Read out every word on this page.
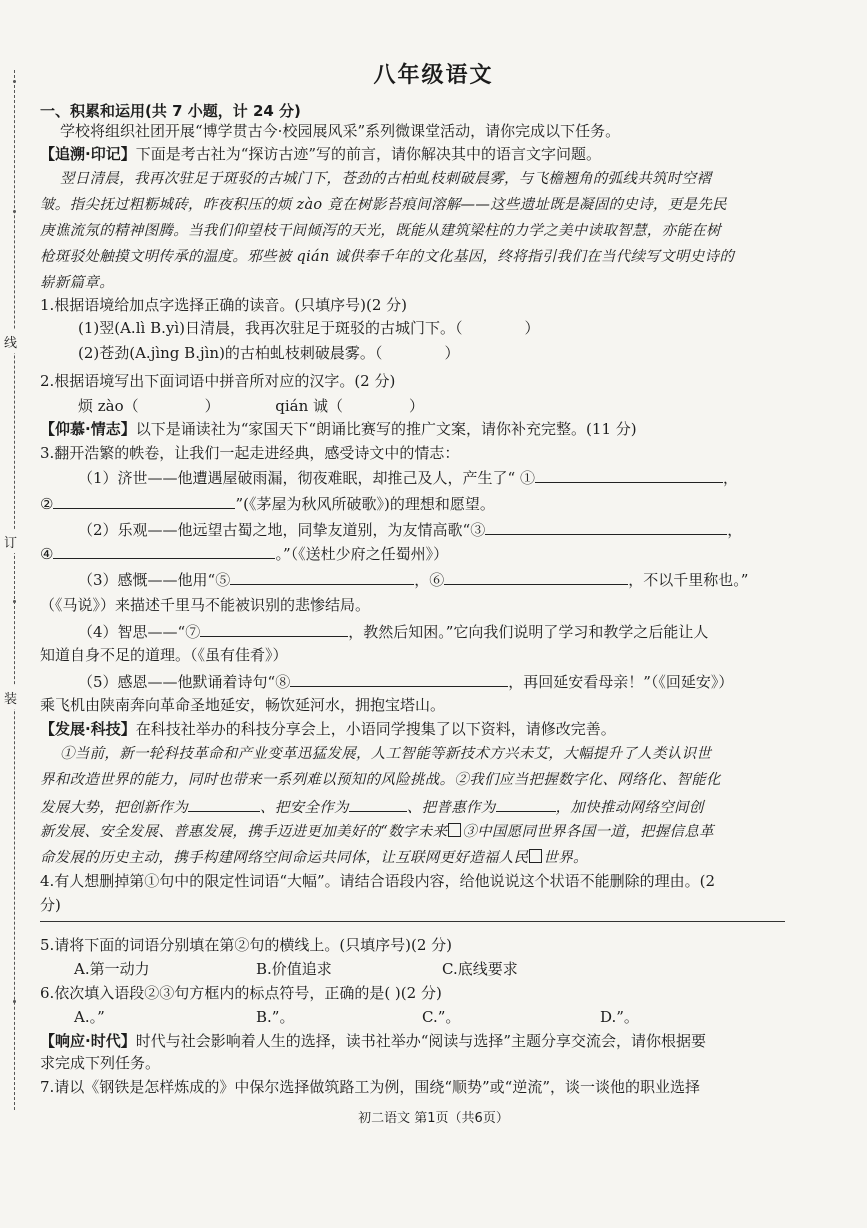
线
订
装
八年级语文
一、积累和运用(共 7 小题，计 24 分)
学校将组织社团开展“博学贯古今·校园展风采”系列微课堂活动，请你完成以下任务。
【追溯·印记】下面是考古社为“探访古迹”写的前言，请你解决其中的语言文字问题。
翌日清晨，我再次驻足于斑驳的古城门下，苍劲的古柏虬枝刺破晨雾，与飞檐翘角的弧线共筑时空褶
皱。指尖抚过粗粝城砖，昨夜积压的烦 zào 竟在树影苔痕间溶解——这些遗址既是凝固的史诗，更是先民
庚谯流氖的精神图腾。当我们仰望枝干间倾泻的天光，既能从建筑梁柱的力学之美中读取智慧，亦能在树
枪斑驳处触摸文明传承的温度。邪些被 qián 诚供奉千年的文化基因，终将指引我们在当代续写文明史诗的
崭新篇章。
1.根据语境给加点字选择正确的读音。(只填序号)(2 分)
(1)翌(A.lì B.yì)日清晨，我再次驻足于斑驳的古城门下。（	）
(2)苍劲(A.jìng B.jìn)的古柏虬枝刺破晨雾。（	）
2.根据语境写出下面词语中拼音所对应的汉字。(2 分)
烦 zào（	）	qián 诚（	）
【仰慕·情志】以下是诵读社为“家国天下“朗诵比赛写的推广文案，请你补充完整。(11 分)
3.翻开浩繁的帙卷，让我们一起走进经典，感受诗文中的情志：
（1）济世——他遭遇屋破雨漏，彻夜难眠，却推己及人，产生了“ ①	，
②	”(《茅屋为秋风所破歌》)的理想和愿望。
（2）乐观——他远望古蜀之地，同挚友道别，为友情高歌“③	，
④	。”（《送杜少府之任蜀州》）
（3）感慨——他用“⑤	，⑥	，不以千里称也。”
（《马说》）来描述千里马不能被识别的悲惨结局。
（4）智思——“⑦	，教然后知困。”它向我们说明了学习和教学之后能让人
知道自身不足的道理。（《虽有佳肴》）
（5）感恩——他默诵着诗句“⑧	，再回延安看母亲！”（《回延安》）
乘飞机由陕南奔向革命圣地延安，畅饮延河水，拥抱宝塔山。
【发展·科技】在科技社举办的科技分享会上，小语同学搜集了以下资料，请修改完善。
①当前，新一轮科技革命和产业变革迅猛发展，人工智能等新技术方兴未艾，大幅提升了人类认识世
界和改造世界的能力，同时也带来一系列难以预知的风险挑战。②我们应当把握数字化、网络化、智能化
发展大势，把创新作为	、把安全作为	、把普惠作为	，加快推动网络空间创
新发展、安全发展、普惠发展，携手迈进更加美好的“数字未来 ③中国愿同世界各国一道，把握信息革
命发展的历史主动，携手构建网络空间命运共同体，让互联网更好造福人民 世界。
4.有人想删掉第①句中的限定性词语“大幅”。请结合语段内容，给他说说这个状语不能删除的理由。(2
分)
5.请将下面的词语分别填在第②句的横线上。(只填序号)(2 分)
A.第一动力	B.价值追求	C.底线要求
6.依次填入语段②③句方框内的标点符号，正确的是( )(2 分)
A.。”	B.”。	C.”。	D.”。
【响应·时代】时代与社会影响着人生的选择，读书社举办“阅读与选择”主题分享交流会，请你根据要
求完成下列任务。
7.请以《钢铁是怎样炼成的》中保尔选择做筑路工为例，围绕“顺势”或“逆流”，谈一谈他的职业选择
初二语文 第1页（共6页）
